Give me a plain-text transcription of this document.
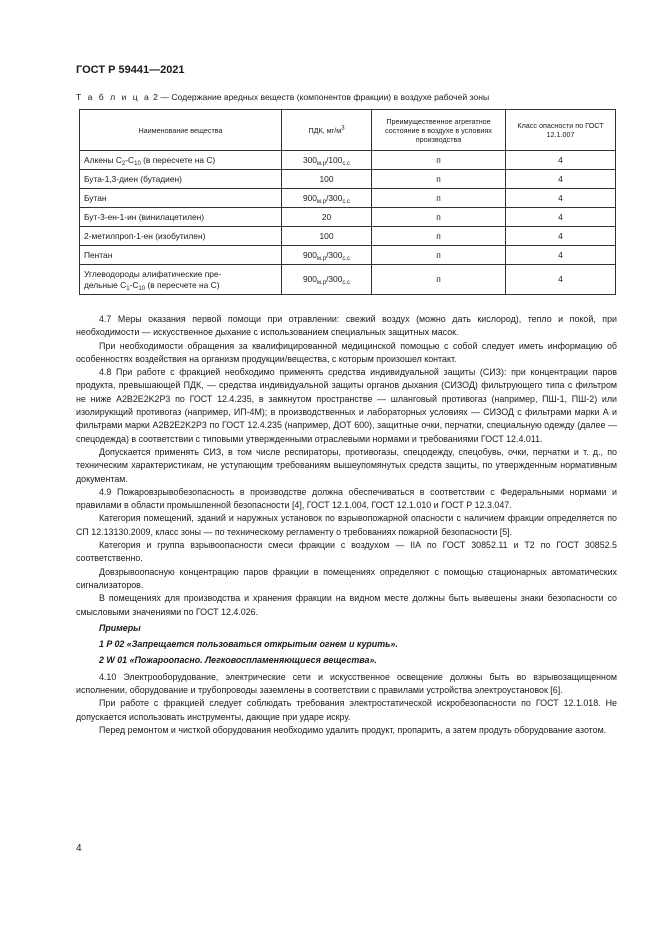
ГОСТ Р 59441—2021
Т а б л и ц а 2 — Содержание вредных веществ (компонентов фракции) в воздухе рабочей зоны
Наименование вещества	ПДК, $мг/м^3$	Преимущественное агрегатное состояние в воздухе в условиях производства	Класс опасности по ГОСТ 12.1.007
Алкены $C_2-C_{10}$ (в пересчете на С)	$300_{м.р}/100_{с.с}$	п	4
Бута-1,3-диен (бутадиен)	100	п	4
Бутан	$900_{м.р}/300_{с.с}$	п	4
Бут-3-ен-1-ин (винилацетилен)	20	п	4
2-метилпроп-1-ен (изобутилен)	100	п	4
Пентан	$900_{м.р}/300_{с.с}$	п	4
Углеводороды алифатические пре-
дельные $С_1-С_{10}$ (в пересчете на С)	$900_{м.р}/300_{с.с}$	п	4

4.7 Меры оказания первой помощи при отравлении: свежий воздух (можно дать кислород), тепло и покой, при необходимости — искусственное дыхание с использованием специальных защитных масок.

При необходимости обращения за квалифицированной медицинской помощью с собой следует иметь информацию об особенностях воздействия на организм продукции/вещества, с которым произошел контакт.

4.8 При работе с фракцией необходимо применять средства индивидуальной защиты (СИЗ): при концентрации паров продукта, превышающей ПДК, — средства индивидуальной защиты органов дыхания (СИЗОД) фильтрующего типа с фильтром не ниже A2B2E2K2P3 по ГОСТ 12.4.235, в замкнутом пространстве — шланговый противогаз (например, ПШ-1, ПШ-2) или изолирующий противогаз (например, ИП-4М); в производственных и лабораторных условиях — СИЗОД с фильтрами марки А и фильтрами марки A2B2E2K2P3 по ГОСТ 12.4.235 (например, ДОТ 600), защитные очки, перчатки, специальную одежду (далее — спецодежда) в соответствии с типовыми утвержденными отраслевыми нормами и требованиями ГОСТ 12.4.011.

Допускается применять СИЗ, в том числе респираторы, противогазы, спецодежду, спецобувь, очки, перчатки и т. д., по техническим характеристикам, не уступающим требованиям вышеупомянутых средств защиты, по утвержденным нормативным документам.

4.9 Пожаровзрывобезопасность в производстве должна обеспечиваться в соответствии с Федеральными нормами и правилами в области промышленной безопасности [4], ГОСТ 12.1.004, ГОСТ 12.1.010 и ГОСТ Р 12.3.047.

Категория помещений, зданий и наружных установок по взрывопожарной опасности с наличием фракции определяется по СП 12.13130.2009, класс зоны — по техническому регламенту о требованиях пожарной безопасности [5].

Категория и группа взрывоопасности смеси фракции с воздухом — IIА по ГОСТ 30852.11 и Т2 по ГОСТ 30852.5 соответственно.

Довзрывоопасную концентрацию паров фракции в помещениях определяют с помощью стационарных автоматических сигнализаторов.

В помещениях для производства и хранения фракции на видном месте должны быть вывешены знаки безопасности со смысловыми значениями по ГОСТ 12.4.026.

Примеры

1 P 02 «Запрещается пользоваться открытым огнем и курить».

2 W 01 «Пожароопасно. Легковоспламеняющиеся вещества».

4.10 Электрооборудование, электрические сети и искусственное освещение должны быть во взрывозащищенном исполнении, оборудование и трубопроводы заземлены в соответствии с правилами устройства электроустановок [6].

При работе с фракцией следует соблюдать требования электростатической искробезопасности по ГОСТ 12.1.018. Не допускается использовать инструменты, дающие при ударе искру.

Перед ремонтом и чисткой оборудования необходимо удалить продукт, пропарить, а затем продуть оборудование азотом.

4
